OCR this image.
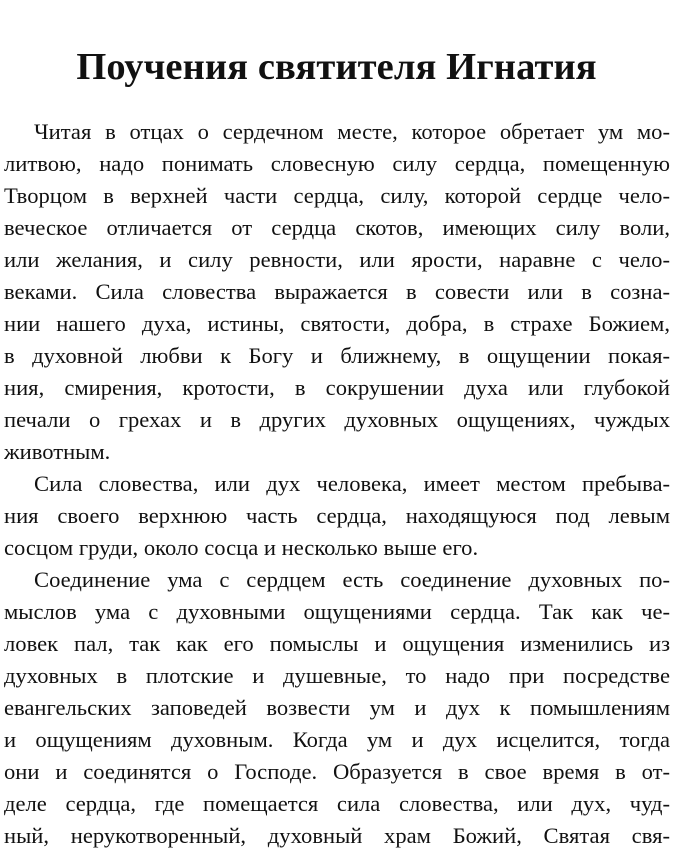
Поучения святителя Игнатия
Читая в отцах о сердечном месте, которое обретает ум мо-
литвою, надо понимать словесную силу сердца, помещенную
Творцом в верхней части сердца, силу, которой сердце чело-
веческое отличается от сердца скотов, имеющих силу воли,
или желания, и силу ревности, или ярости, наравне с чело-
веками. Сила словества выражается в совести или в созна-
нии нашего духа, истины, святости, добра, в страхе Божием,
в духовной любви к Богу и ближнему, в ощущении покая-
ния, смирения, кротости, в сокрушении духа или глубокой
печали о грехах и в других духовных ощущениях, чуждых
животным.
Сила словества, или дух человека, имеет местом пребыва-
ния своего верхнюю часть сердца, находящуюся под левым
сосцом груди, около сосца и несколько выше его.
Соединение ума с сердцем есть соединение духовных по-
мыслов ума с духовными ощущениями сердца. Так как че-
ловек пал, так как его помыслы и ощущения изменились из
духовных в плотские и душевные, то надо при посредстве
евангельских заповедей возвести ум и дух к помышлениям
и ощущениям духовным. Когда ум и дух исцелится, тогда
они и соединятся о Господе. Образуется в свое время в от-
деле сердца, где помещается сила словества, или дух, чуд-
ный, нерукотворенный, духовный храм Божий, Святая свя-
